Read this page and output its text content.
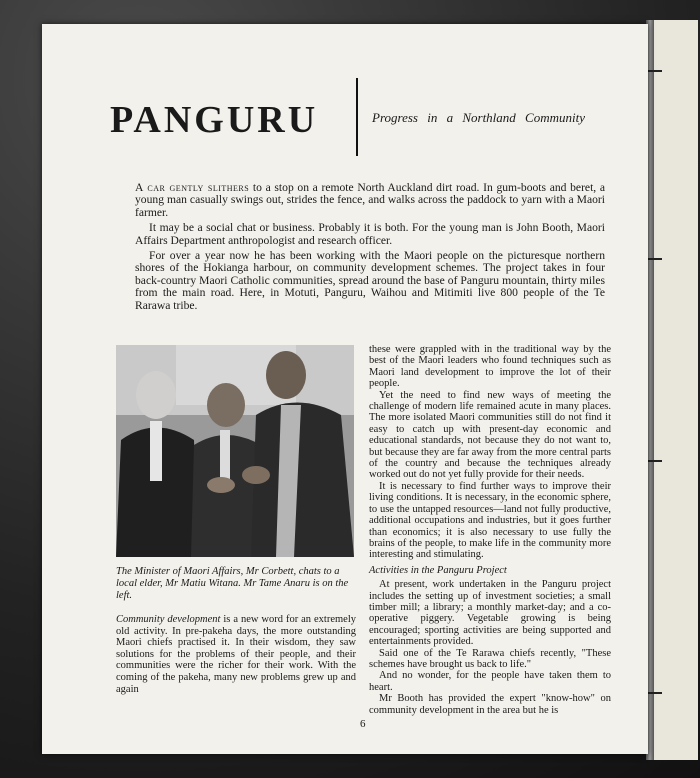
PANGURU	Progress in a Northland Community

A car gently slithers to a stop on a remote North Auckland dirt road. In gum-boots and beret, a young man casually swings out, strides the fence, and walks across the paddock to yarn with a Maori farmer.

It may be a social chat or business. Probably it is both. For the young man is John Booth, Maori Affairs Department anthropologist and research officer.

For over a year now he has been working with the Maori people on the picturesque northern shores of the Hokianga harbour, on community development schemes. The project takes in four back-country Maori Catholic communities, spread around the base of Panguru mountain, thirty miles from the main road. Here, in Motuti, Panguru, Waihou and Mitimiti live 800 people of the Te Rarawa tribe.

The Minister of Maori Affairs, Mr Corbett, chats to a local elder, Mr Matiu Witana. Mr Tame Anaru is on the left.

Community development is a new word for an extremely old activity. In pre-pakeha days, the more outstanding Maori chiefs practised it. In their wisdom, they saw solutions for the problems of their people, and their communities were the richer for their work. With the coming of the pakeha, many new problems grew up and again

these were grappled with in the traditional way by the best of the Maori leaders who found techniques such as Maori land development to improve the lot of their people.

Yet the need to find new ways of meeting the challenge of modern life remained acute in many places. The more isolated Maori communities still do not find it easy to catch up with present-day economic and educational standards, not because they do not want to, but because they are far away from the more central parts of the country and because the techniques already worked out do not yet fully provide for their needs.

It is necessary to find further ways to improve their living conditions. It is necessary, in the economic sphere, to use the untapped resources—land not fully productive, additional occupations and industries, but it goes further than economics; it is also necessary to use fully the brains of the people, to make life in the community more interesting and stimulating.

Activities in the Panguru Project

At present, work undertaken in the Panguru project includes the setting up of investment societies; a small timber mill; a library; a monthly market-day; and a co-operative piggery. Vegetable growing is being encouraged; sporting activities are being supported and entertainments provided.

Said one of the Te Rarawa chiefs recently, "These schemes have brought us back to life."

And no wonder, for the people have taken them to heart.

Mr Booth has provided the expert "know-how" on community development in the area but he is

6
